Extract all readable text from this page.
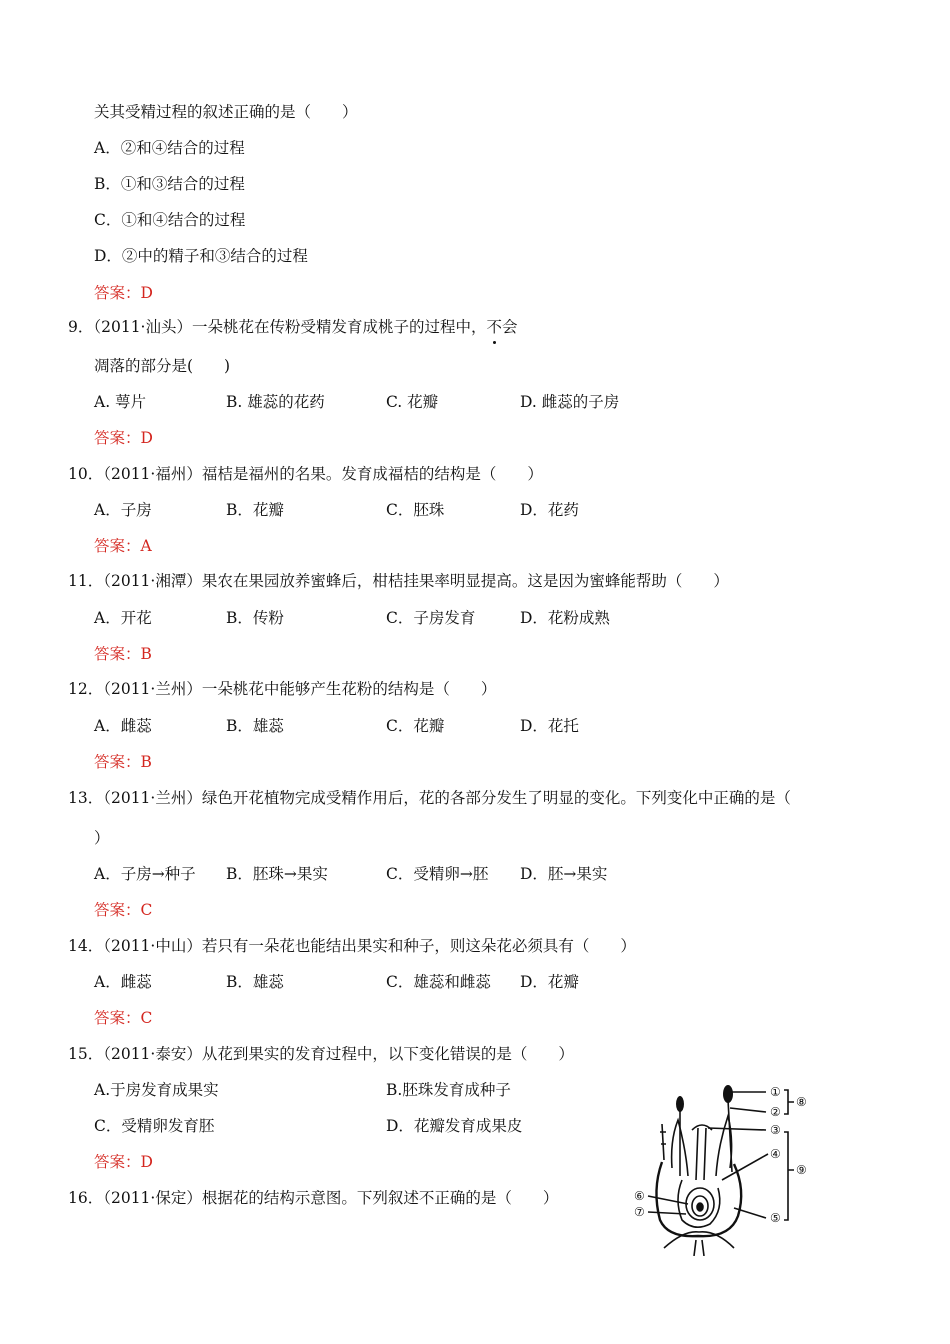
关其受精过程的叙述正确的是（　　）
A．②和④结合的过程
B．①和③结合的过程
C．①和④结合的过程
D．②中的精子和③结合的过程
答案：D
9．（2011·汕头）一朵桃花在传粉受精发育成桃子的过程中，不会
凋落的部分是(　　)
A. 萼片	B. 雄蕊的花药	C. 花瓣	D. 雌蕊的子房
答案：D
10．（2011·福州）福桔是福州的名果。发育成福桔的结构是（　　）
A．子房	B．花瓣	C．胚珠	D．花药
答案：A
11．（2011·湘潭）果农在果园放养蜜蜂后，柑桔挂果率明显提高。这是因为蜜蜂能帮助（　　）
A．开花	B．传粉	C．子房发育	D．花粉成熟
答案：B
12．（2011·兰州）一朵桃花中能够产生花粉的结构是（　　）
A．雌蕊	B．雄蕊	C．花瓣	D．花托
答案：B
13．（2011·兰州）绿色开花植物完成受精作用后，花的各部分发生了明显的变化。下列变化中正确的是（
）
A．子房→种子 B．胚珠→果实	C．受精卵→胚 D．胚→果实
答案：C
14．（2011·中山）若只有一朵花也能结出果实和种子，则这朵花必须具有（　　）
A．雌蕊	B．雄蕊	C．雄蕊和雌蕊 D．花瓣
答案：C
15．（2011·泰安）从花到果实的发育过程中，以下变化错误的是（　　）
A.于房发育成果实	B.胚珠发育成种子
C．受精卵发育胚	D．花瓣发育成果皮
答案：D
16．（2011·保定）根据花的结构示意图。下列叙述不正确的是（　　）
①
②
③
④
⑤
⑥
⑦
⑧
⑨
